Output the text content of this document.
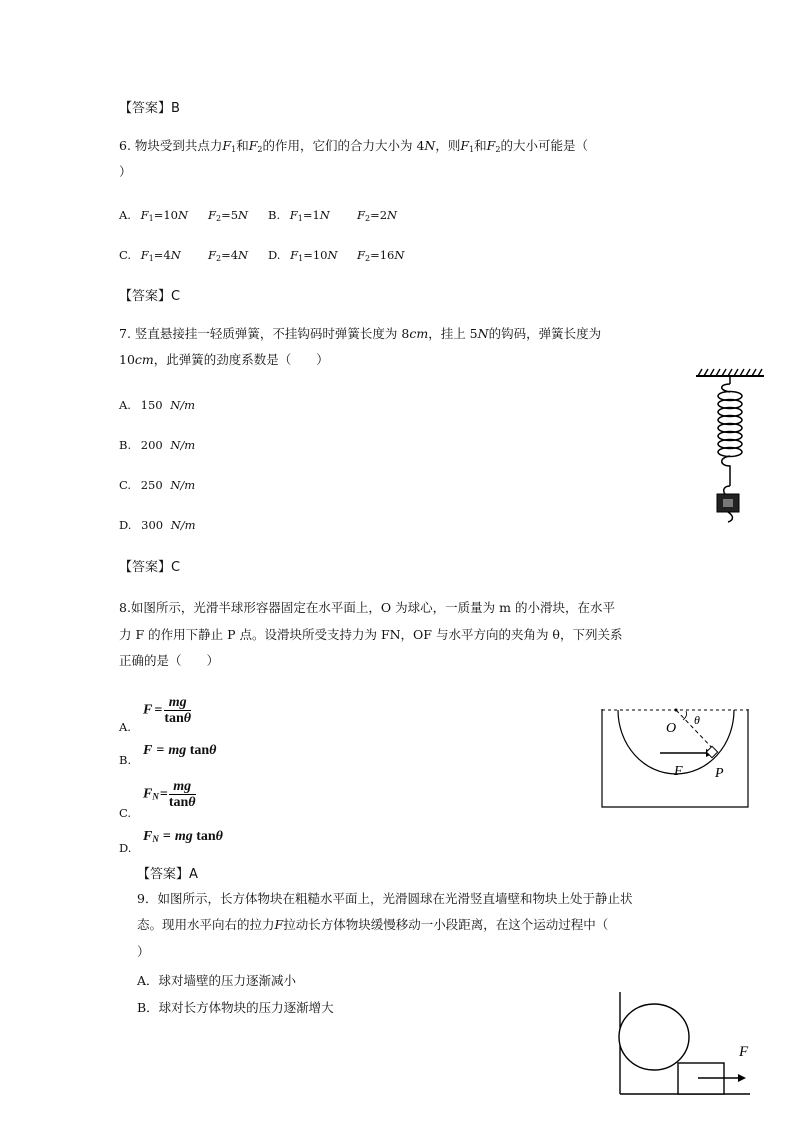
【答案】B
6. 物块受到共点力$F_1$和$F_2$的作用，它们的合力大小为 4N，则$F_1$和$F_2$的大小可能是（
）
A. $F_1=10N$ $F_2=5N$ B. $F_1=1N$ $F_2=2N$
C. $F_1=4N$ $F_2=4N$ D. $F_1=10N$ $F_2=16N$
【答案】C
7. 竖直悬接挂一轻质弹簧，不挂钩码时弹簧长度为 8cm，挂上 5N的钩码，弹簧长度为
10cm，此弹簧的劲度系数是（　　）
A. 150 N/m
B. 200 N/m
C. 250 N/m
D. 300 N/m
【答案】C
8.如图所示，光滑半球形容器固定在水平面上，O 为球心，一质量为 m 的小滑块，在水平
力 F 的作用下静止 P 点。设滑块所受支持力为 FN，OF 与水平方向的夹角为 θ，下列关系
正确的是（　　）
A.
$F = \frac{mg}{\tan\theta}$
B.
F = mg tanθ
C.
$F_N= \frac{mg}{\tan\theta}$
D.
$F_N$ = mg tanθ
O
θ
F P
【答案】A
9．如图所示，长方体物块在粗糙水平面上，光滑圆球在光滑竖直墙壁和物块上处于静止状
态。现用水平向右的拉力F拉动长方体物块缓慢移动一小段距离，在这个运动过程中（
）
A．球对墙壁的压力逐渐减小
B．球对长方体物块的压力逐渐增大
F
